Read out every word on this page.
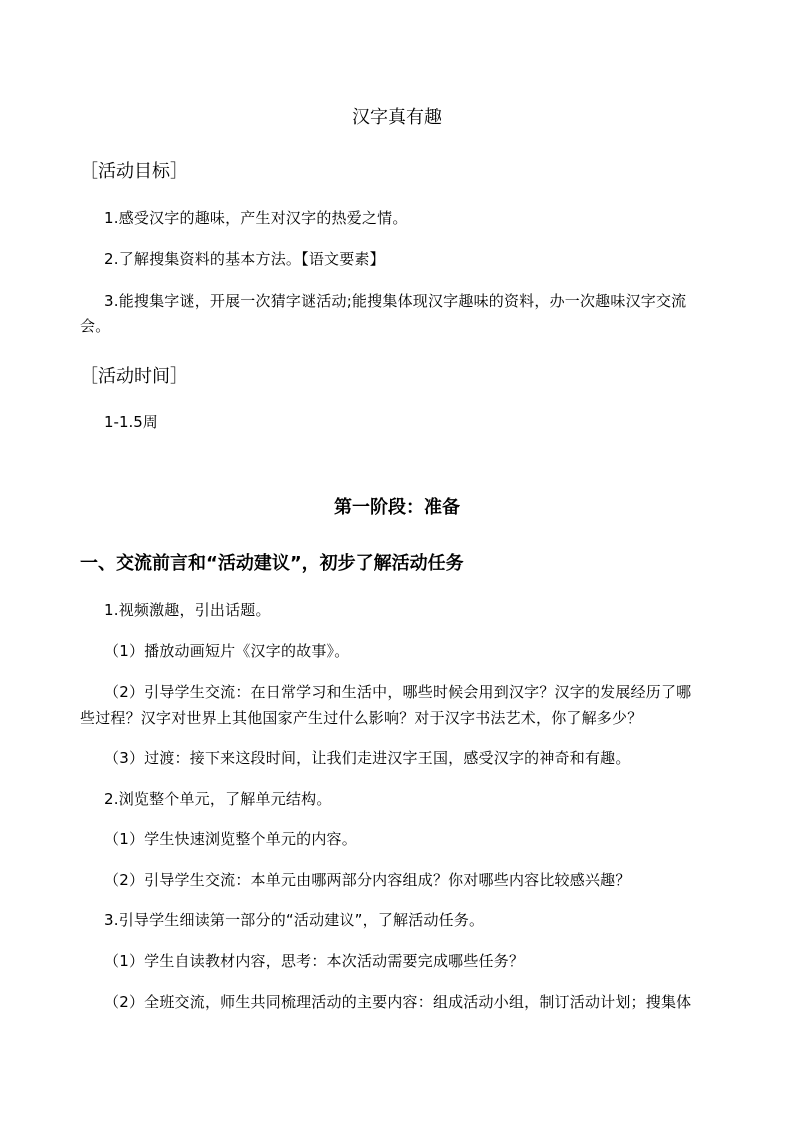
汉字真有趣
［活动目标］
1.感受汉字的趣味，产生对汉字的热爱之情。
2.了解搜集资料的基本方法。【语文要素】
3.能搜集字谜，开展一次猜字谜活动;能搜集体现汉字趣味的资料，办一次趣味汉字交流
会。
［活动时间］
1-1.5周
第一阶段：准备
一、交流前言和“活动建议”，初步了解活动任务
1.视频激趣，引出话题。
（1）播放动画短片《汉字的故事》。
（2）引导学生交流：在日常学习和生活中，哪些时候会用到汉字？汉字的发展经历了哪
些过程？汉字对世界上其他国家产生过什么影响？对于汉字书法艺术，你了解多少？
（3）过渡：接下来这段时间，让我们走进汉字王国，感受汉字的神奇和有趣。
2.浏览整个单元，了解单元结构。
（1）学生快速浏览整个单元的内容。
（2）引导学生交流：本单元由哪两部分内容组成？你对哪些内容比较感兴趣？
3.引导学生细读第一部分的“活动建议”，了解活动任务。
（1）学生自读教材内容，思考：本次活动需要完成哪些任务？
（2）全班交流，师生共同梳理活动的主要内容：组成活动小组，制订活动计划；搜集体
